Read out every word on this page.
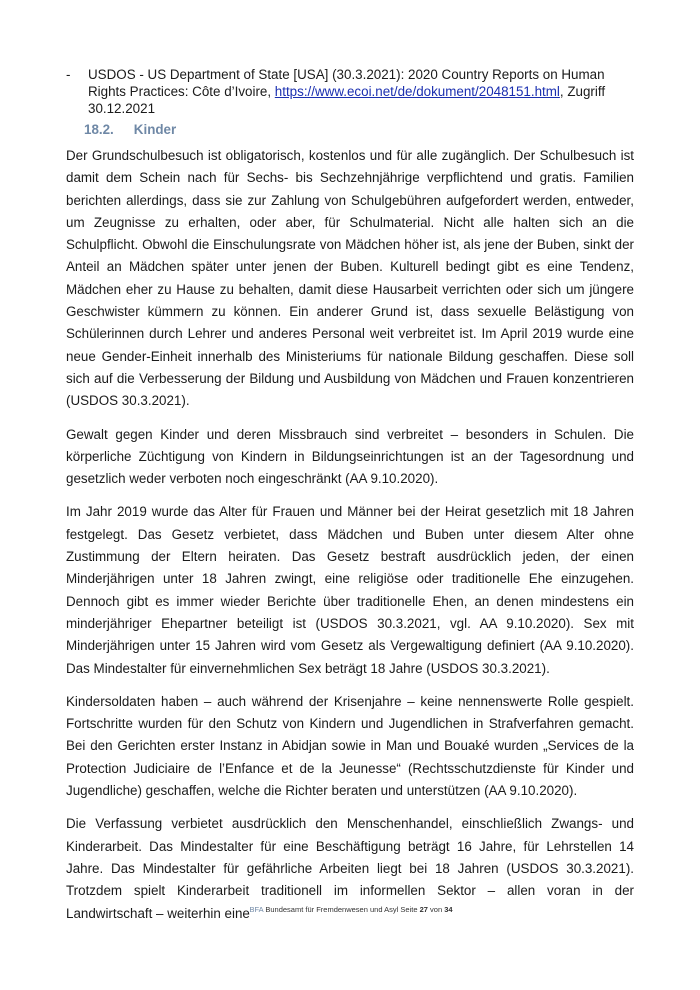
- USDOS - US Department of State [USA] (30.3.2021): 2020 Country Reports on Human Rights Practices: Côte d’Ivoire, https://www.ecoi.net/de/dokument/2048151.html, Zugriff 30.12.2021
18.2. Kinder

Der Grundschulbesuch ist obligatorisch, kostenlos und für alle zugänglich. Der Schulbesuch ist damit dem Schein nach für Sechs- bis Sechzehnjährige verpflichtend und gratis. Familien berichten allerdings, dass sie zur Zahlung von Schulgebühren aufgefordert werden, entweder, um Zeugnisse zu erhalten, oder aber, für Schulmaterial. Nicht alle halten sich an die Schulpflicht. Obwohl die Einschulungsrate von Mädchen höher ist, als jene der Buben, sinkt der Anteil an Mädchen später unter jenen der Buben. Kulturell bedingt gibt es eine Tendenz, Mädchen eher zu Hause zu behalten, damit diese Hausarbeit verrichten oder sich um jüngere Geschwister kümmern zu können. Ein anderer Grund ist, dass sexuelle Belästigung von Schülerinnen durch Lehrer und anderes Personal weit verbreitet ist. Im April 2019 wurde eine neue Gender-Einheit innerhalb des Ministeriums für nationale Bildung geschaffen. Diese soll sich auf die Verbesserung der Bildung und Ausbildung von Mädchen und Frauen konzentrieren (USDOS 30.3.2021).

Gewalt gegen Kinder und deren Missbrauch sind verbreitet – besonders in Schulen. Die körperliche Züchtigung von Kindern in Bildungseinrichtungen ist an der Tagesordnung und gesetzlich weder verboten noch eingeschränkt (AA 9.10.2020).

Im Jahr 2019 wurde das Alter für Frauen und Männer bei der Heirat gesetzlich mit 18 Jahren festgelegt. Das Gesetz verbietet, dass Mädchen und Buben unter diesem Alter ohne Zustimmung der Eltern heiraten. Das Gesetz bestraft ausdrücklich jeden, der einen Minderjährigen unter 18 Jahren zwingt, eine religiöse oder traditionelle Ehe einzugehen. Dennoch gibt es immer wieder Berichte über traditionelle Ehen, an denen mindestens ein minderjähriger Ehepartner beteiligt ist (USDOS 30.3.2021, vgl. AA 9.10.2020). Sex mit Minderjährigen unter 15 Jahren wird vom Gesetz als Vergewaltigung definiert (AA 9.10.2020). Das Mindestalter für einvernehmlichen Sex beträgt 18 Jahre (USDOS 30.3.2021).

Kindersoldaten haben – auch während der Krisenjahre – keine nennenswerte Rolle gespielt. Fortschritte wurden für den Schutz von Kindern und Jugendlichen in Strafverfahren gemacht. Bei den Gerichten erster Instanz in Abidjan sowie in Man und Bouaké wurden „Services de la Protection Judiciaire de l’Enfance et de la Jeunesse“ (Rechtsschutzdienste für Kinder und Jugendliche) geschaffen, welche die Richter beraten und unterstützen (AA 9.10.2020).

Die Verfassung verbietet ausdrücklich den Menschenhandel, einschließlich Zwangs- und Kinderarbeit. Das Mindestalter für eine Beschäftigung beträgt 16 Jahre, für Lehrstellen 14 Jahre. Das Mindestalter für gefährliche Arbeiten liegt bei 18 Jahren (USDOS 30.3.2021). Trotzdem spielt Kinderarbeit traditionell im informellen Sektor – allen voran in der Landwirtschaft – weiterhin eine

.BFA Bundesamt für Fremdenwesen und Asyl Seite 27 von 34
